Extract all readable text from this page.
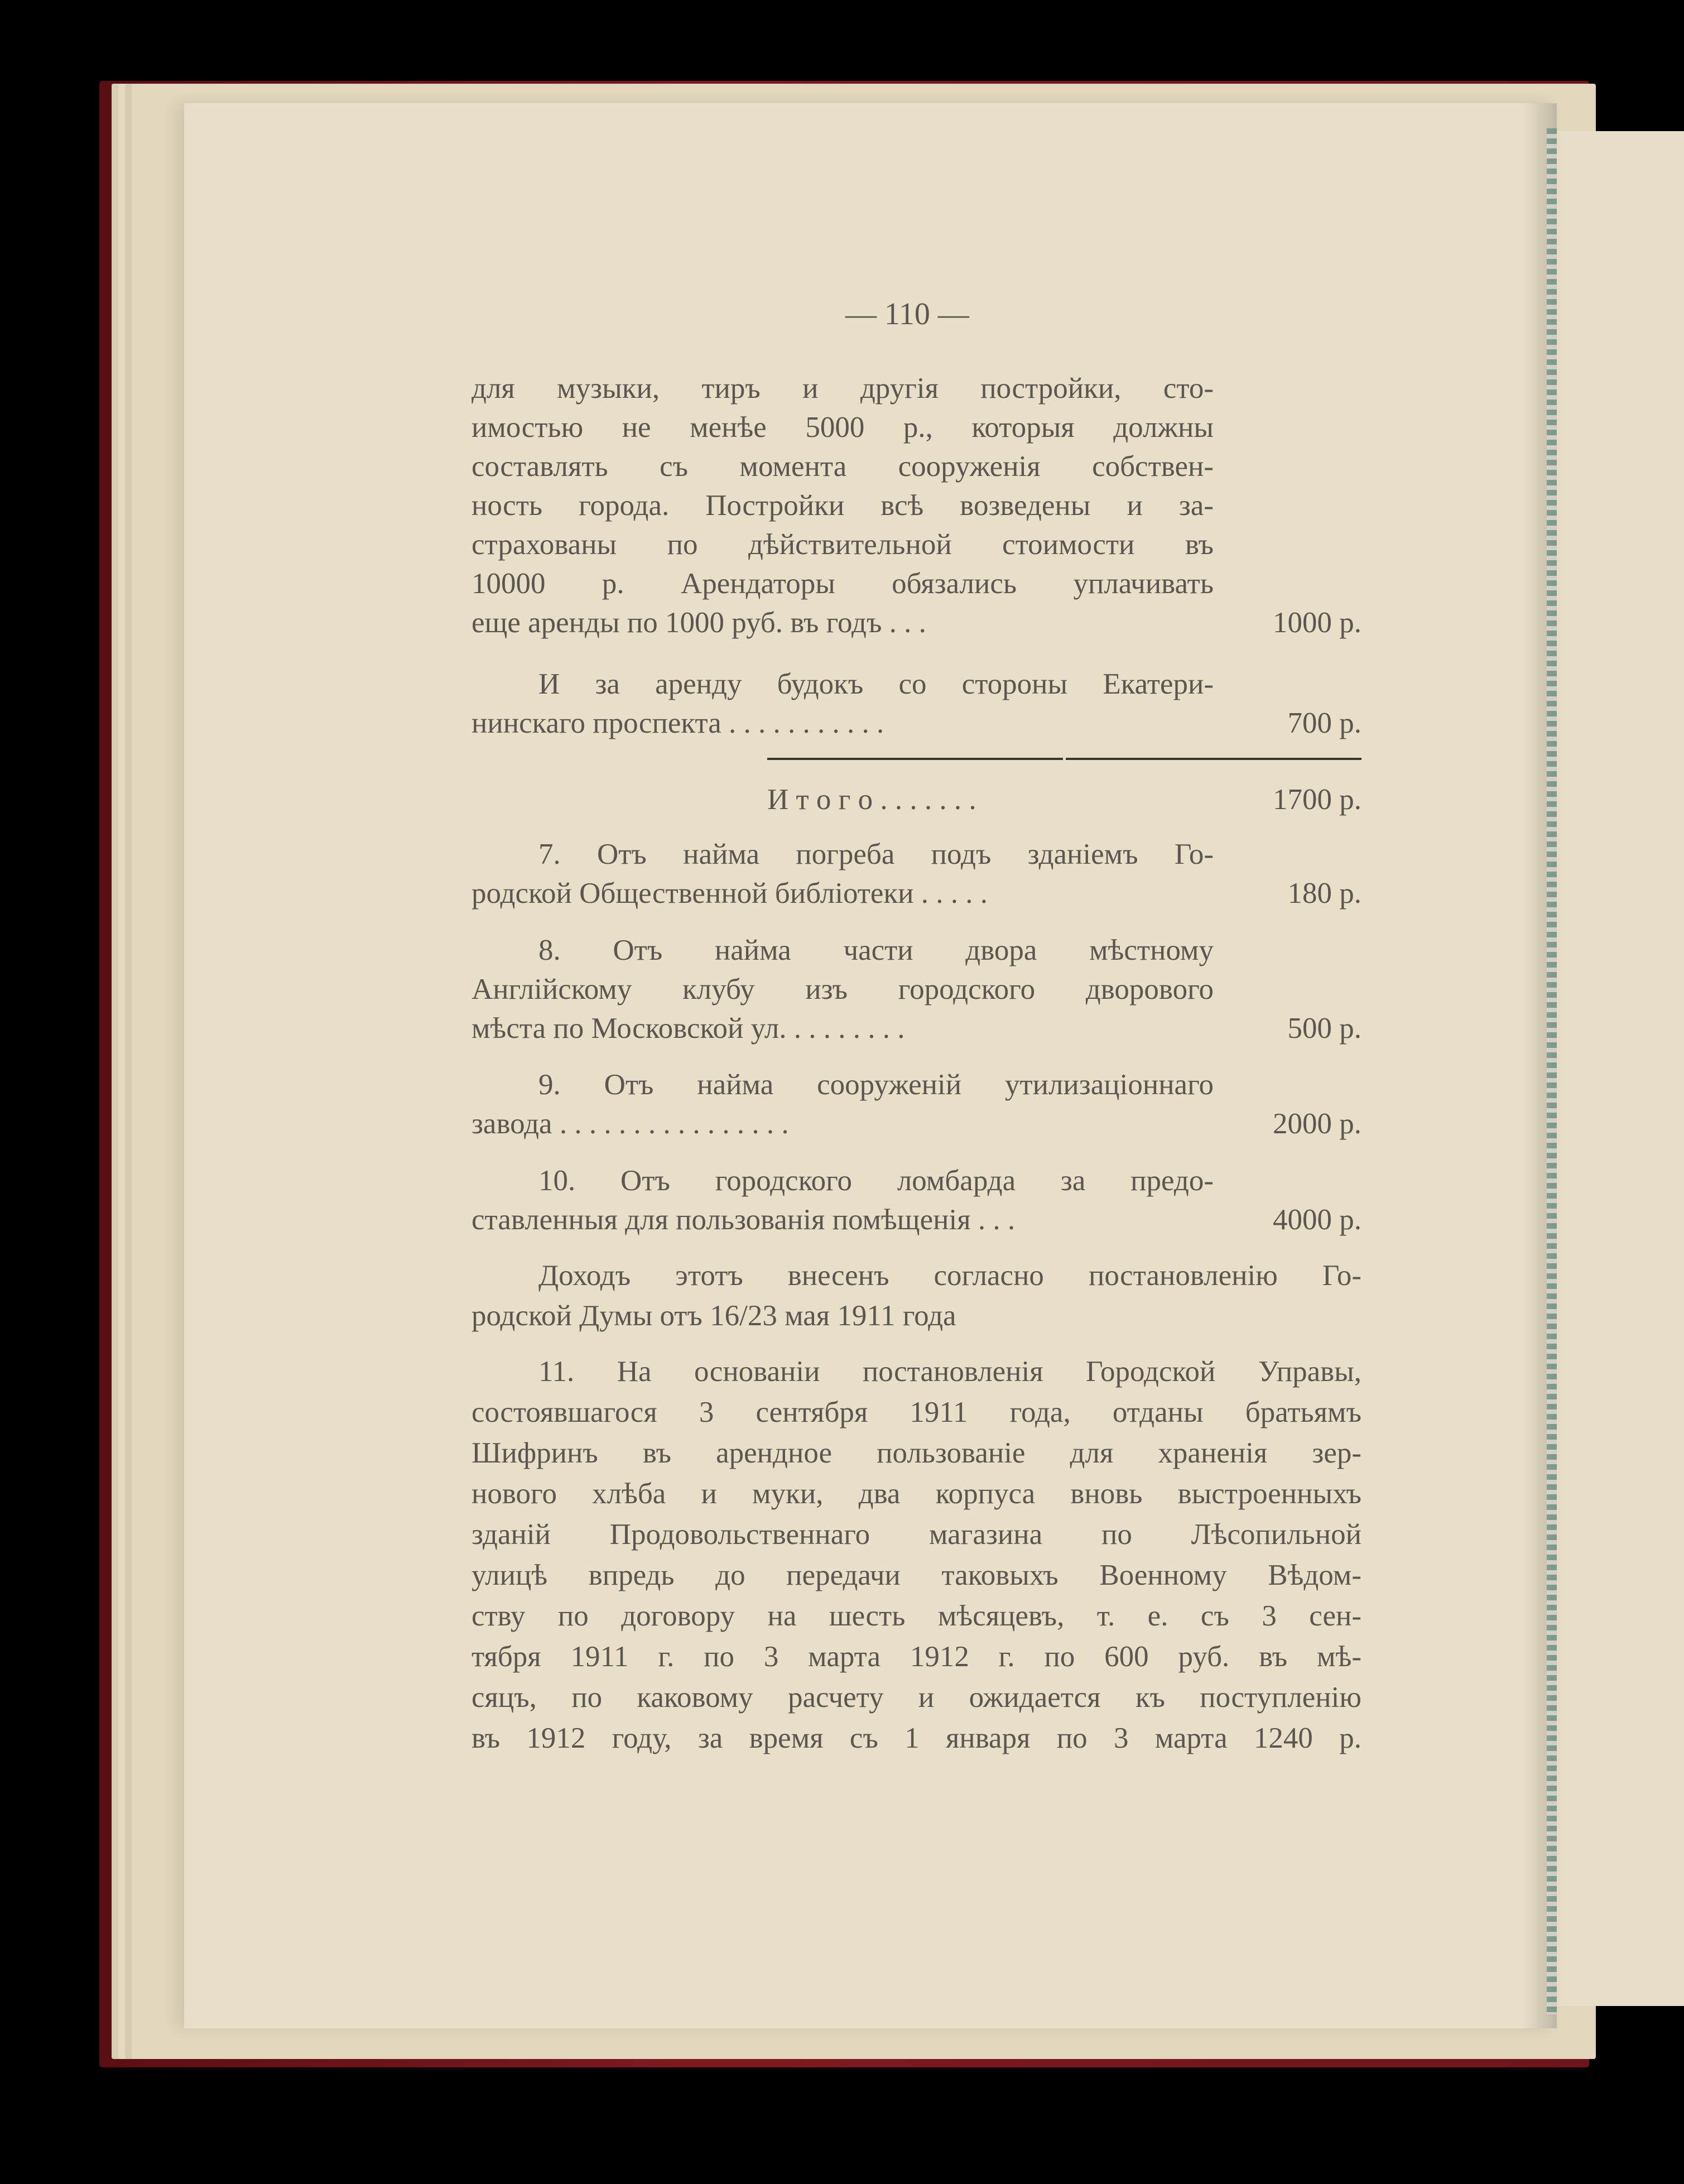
— 110 —
для музыки, тиръ и другія постройки, сто-
имостью не менѣе 5000 р., которыя должны
составлять съ момента сооруженія собствен-
ность города. Постройки всѣ возведены и за-
страхованы по дѣйствительной стоимости въ
10000 р. Арендаторы обязались уплачивать
еще аренды по 1000 руб. въ годъ . . .	1000 р.
И за аренду будокъ со стороны Екатери-
нинскаго проспекта . . . . . . . . . . .	700 р.
И т о г о . . . . . . .	1700 р.
7. Отъ найма погреба подъ зданіемъ Го-
родской Общественной библіотеки . . . . .	180 р.
8. Отъ найма части двора мѣстному
Англійскому клубу изъ городского дворового
мѣста по Московской ул. . . . . . . . .	500 р.
9. Отъ найма сооруженій утилизаціоннаго
завода . . . . . . . . . . . . . . . .	2000 р.
10. Отъ городского ломбарда за предо-
ставленныя для пользованія помѣщенія . . .	4000 р.
Доходъ этотъ внесенъ согласно постановленію Го-
родской Думы отъ 16/23 мая 1911 года
11. На основаніи постановленія Городской Управы,
состоявшагося 3 сентября 1911 года, отданы братьямъ
Шифринъ въ арендное пользованіе для храненія зер-
нового хлѣба и муки, два корпуса вновь выстроенныхъ
зданій Продовольственнаго магазина по Лѣсопильной
улицѣ впредь до передачи таковыхъ Военному Вѣдом-
ству по договору на шесть мѣсяцевъ, т. е. съ 3 сен-
тября 1911 г. по 3 марта 1912 г. по 600 руб. въ мѣ-
сяцъ, по каковому расчету и ожидается къ поступленію
въ 1912 году, за время съ 1 января по 3 марта 1240 р.
